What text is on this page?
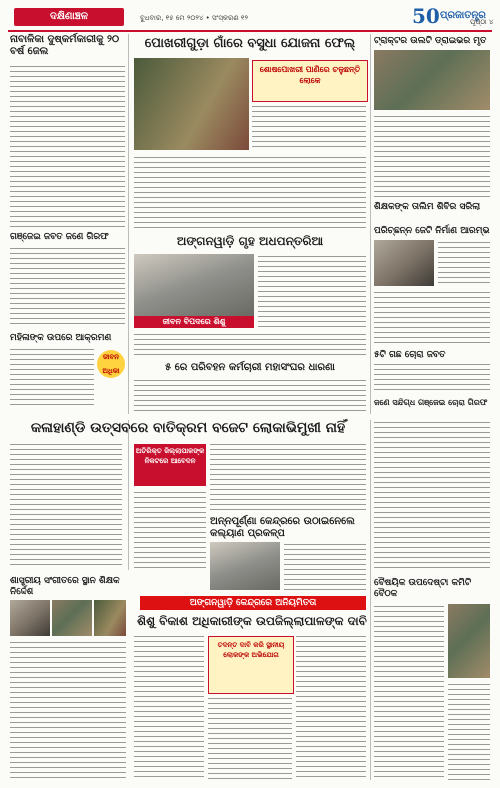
ଦକ୍ଷିଣାଞ୍ଚଳ	ବୁଧବାର, ୧୫ ମେ ୨୦୨୪ • ସଂସ୍କରଣ ୧୨	50 ପ୍ରଜାତନ୍ତ୍ର
ପୃଷ୍ଠା ୪
ନାବାଳିକା ଦୁଷ୍କର୍ମକାରୀକୁ ୨୦ ବର୍ଷ ଜେଲ
ଗଞ୍ଜେଇ ଜବତ ଜଣେ ଗିରଫ
ମହିଳାଙ୍କ ଉପରେ ଆକ୍ରମଣ
ଜୀବନ ଅଧିକା
ପୋଖରୀଗୁଡ଼ା ଗାଁରେ ବସୁଧା ଯୋଜନା ଫେଲ୍
ଶୋଷପୋଖରୀ ପାଣିରେ ଚଳୁଛନ୍ତି ଲୋକେ
ଅଙ୍ଗନୱାଡ଼ି ଗୃହ ଅଧପନ୍ତରିଆ
ଜୀବନ ବିପଦରେ ଶିଶୁ
୫ ରେ ପରିବହନ କର୍ମଚାରୀ ମହାସଂଘର ଧାରଣା
ଟ୍ରାକ୍ଟର ଉଲଟି ଡ୍ରାଇଭର ମୃତ
ଶିକ୍ଷକଙ୍କ ତାଲିମ ଶିବିର ସରିଲା
ପରିଚ୍ଛନ୍ନ ଜେଟି ନିର୍ମାଣ ଆରମ୍ଭ
୫ଟି ଗଛ ଚୋରା ଜବତ
ଜଣେ ସନ୍ଦିଗ୍ଧ ଗଞ୍ଜେଇ ଚୋରା ଗିରଫ
କଳାହାଣ୍ଡି ଉତ୍ସବରେ ବାତିକ୍ରମ ବଜେଟ ଲୋକାଭିମୁଖୀ ନାହିଁ
ଅତିରିକ୍ତ ଜିଲ୍ଲାପାଳଙ୍କ ନିକଟରେ ଆବେଦନ
ଅନ୍ନପୂର୍ଣ୍ଣା କେନ୍ଦ୍ରରେ ଉଠାଇନେଲେ କଲ୍ୟାଣ ପ୍ରକଳ୍ପ
ଶାସ୍ତ୍ରୀୟ ସଂଗୀତରେ ସ୍ଥାନ ଶିକ୍ଷକ ନିର୍ଦ୍ଦେଶ
ଅଙ୍ଗନୱାଡ଼ି କେନ୍ଦ୍ରରେ ଅନିୟମିତତା
ଶିଶୁ ବିକାଶ ଅଧିକାରୀଙ୍କ ଉପଜିଲ୍ଲାପାଳଙ୍କ ଦାବି
ତଦନ୍ତ ଦାବି କରି ସ୍ଥାନୀୟ ଲୋକଙ୍କ ଅଭିଯୋଗ
ବୈଷୟିକ ଉପଦେଷ୍ଟା କମିଟି ବୈଠକ
